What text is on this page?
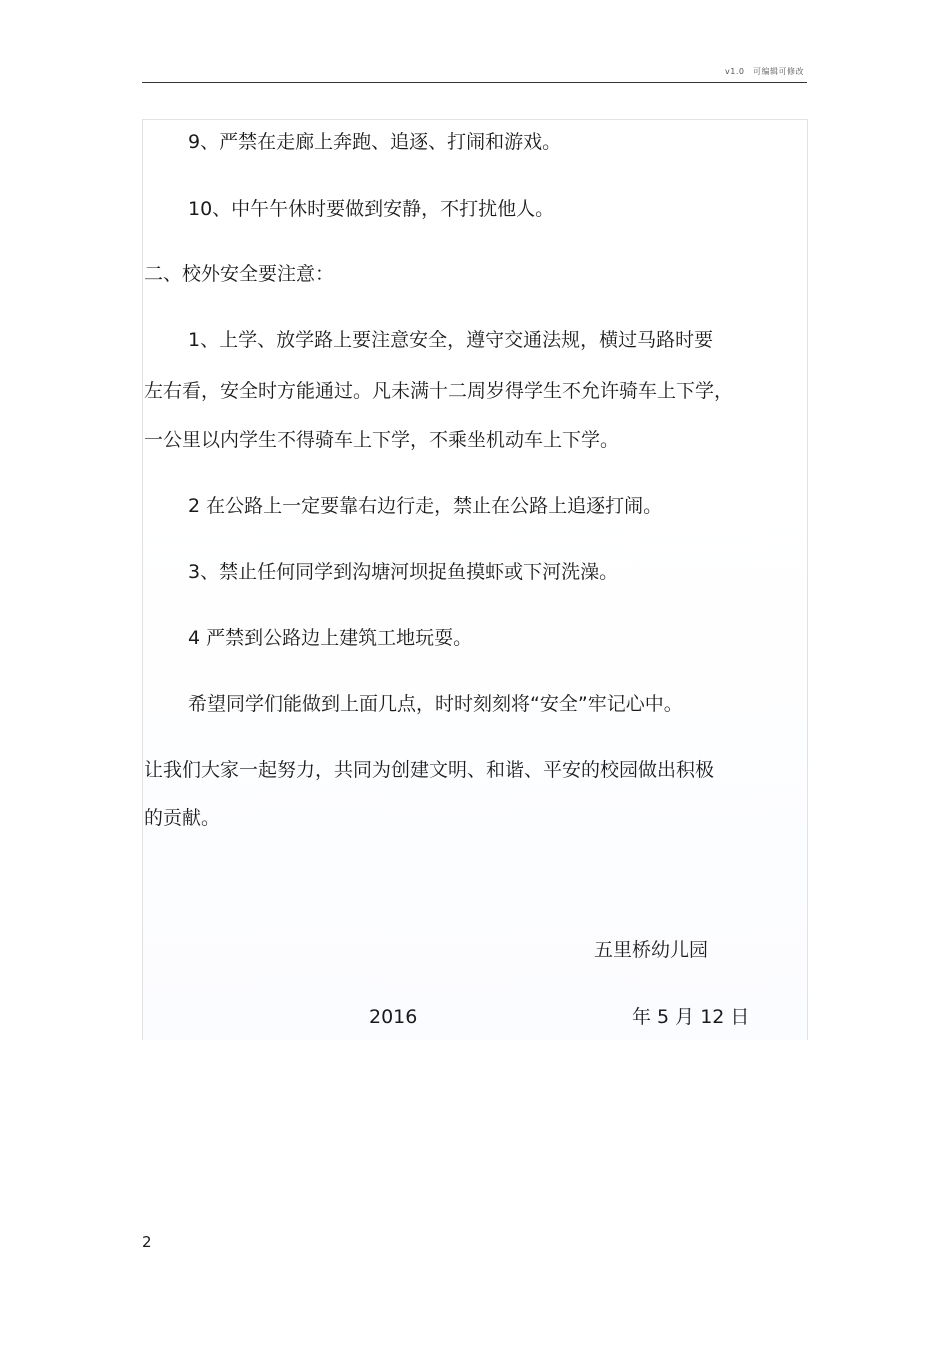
v1.0　可编辑可修改
9、严禁在走廊上奔跑、追逐、打闹和游戏。
10、中午午休时要做到安静，不打扰他人。
二、校外安全要注意：
1、上学、放学路上要注意安全，遵守交通法规，横过马路时要
左右看，安全时方能通过。凡未满十二周岁得学生不允许骑车上下学，
一公里以内学生不得骑车上下学，不乘坐机动车上下学。
2 在公路上一定要靠右边行走，禁止在公路上追逐打闹。
3、禁止任何同学到沟塘河坝捉鱼摸虾或下河洗澡。
4 严禁到公路边上建筑工地玩耍。
希望同学们能做到上面几点，时时刻刻将“安全”牢记心中。
让我们大家一起努力，共同为创建文明、和谐、平安的校园做出积极
的贡献。
五里桥幼儿园
2016	年 5 月 12 日
2
